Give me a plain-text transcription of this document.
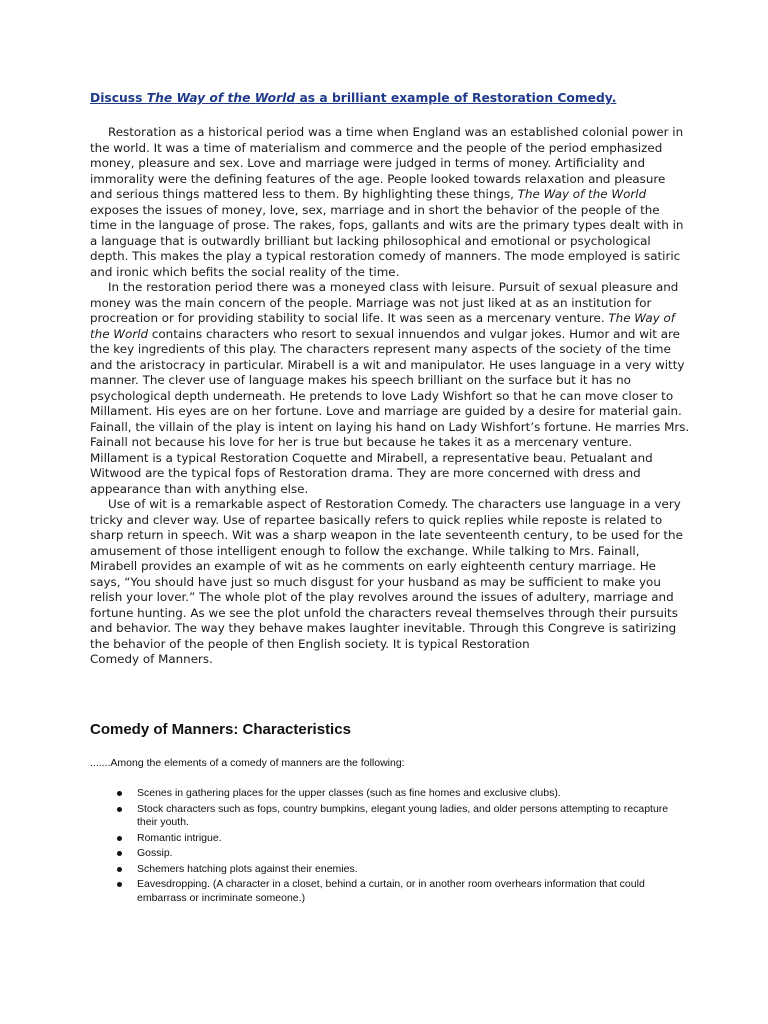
Discuss The Way of the World as a brilliant example of Restoration Comedy.

Restoration as a historical period was a time when England was an established colonial power in the world. It was a time of materialism and commerce and the people of the period emphasized money, pleasure and sex. Love and marriage were judged in terms of money. Artificiality and immorality were the defining features of the age. People looked towards relaxation and pleasure and serious things mattered less to them. By highlighting these things, The Way of the World exposes the issues of money, love, sex, marriage and in short the behavior of the people of the time in the language of prose. The rakes, fops, gallants and wits are the primary types dealt with in a language that is outwardly brilliant but lacking philosophical and emotional or psychological depth. This makes the play a typical restoration comedy of manners. The mode employed is satiric and ironic which befits the social reality of the time.

In the restoration period there was a moneyed class with leisure. Pursuit of sexual pleasure and money was the main concern of the people. Marriage was not just liked at as an institution for procreation or for providing stability to social life. It was seen as a mercenary venture. The Way of the World contains characters who resort to sexual innuendos and vulgar jokes. Humor and wit are the key ingredients of this play. The characters represent many aspects of the society of the time and the aristocracy in particular. Mirabell is a wit and manipulator. He uses language in a very witty manner. The clever use of language makes his speech brilliant on the surface but it has no psychological depth underneath. He pretends to love Lady Wishfort so that he can move closer to Millament. His eyes are on her fortune. Love and marriage are guided by a desire for material gain. Fainall, the villain of the play is intent on laying his hand on Lady Wishfort’s fortune. He marries Mrs. Fainall not because his love for her is true but because he takes it as a mercenary venture. Millament is a typical Restoration Coquette and Mirabell, a representative beau. Petualant and Witwood are the typical fops of Restoration drama. They are more concerned with dress and appearance than with anything else.

Use of wit is a remarkable aspect of Restoration Comedy. The characters use language in a very tricky and clever way. Use of repartee basically refers to quick replies while reposte is related to sharp return in speech. Wit was a sharp weapon in the late seventeenth century, to be used for the amusement of those intelligent enough to follow the exchange. While talking to Mrs. Fainall, Mirabell provides an example of wit as he comments on early eighteenth century marriage. He says, “You should have just so much disgust for your husband as may be sufficient to make you relish your lover.” The whole plot of the play revolves around the issues of adultery, marriage and fortune hunting. As we see the plot unfold the characters reveal themselves through their pursuits and behavior. The way they behave makes laughter inevitable. Through this Congreve is satirizing the behavior of the people of then English society. It is typical Restoration

Comedy of Manners.

Comedy of Manners: Characteristics
.......Among the elements of a comedy of manners are the following:
Scenes in gathering places for the upper classes (such as fine homes and exclusive clubs).
Stock characters such as fops, country bumpkins, elegant young ladies, and older persons attempting to recapture their youth.
Romantic intrigue.
Gossip.
Schemers hatching plots against their enemies.
Eavesdropping. (A character in a closet, behind a curtain, or in another room overhears information that could embarrass or incriminate someone.)
